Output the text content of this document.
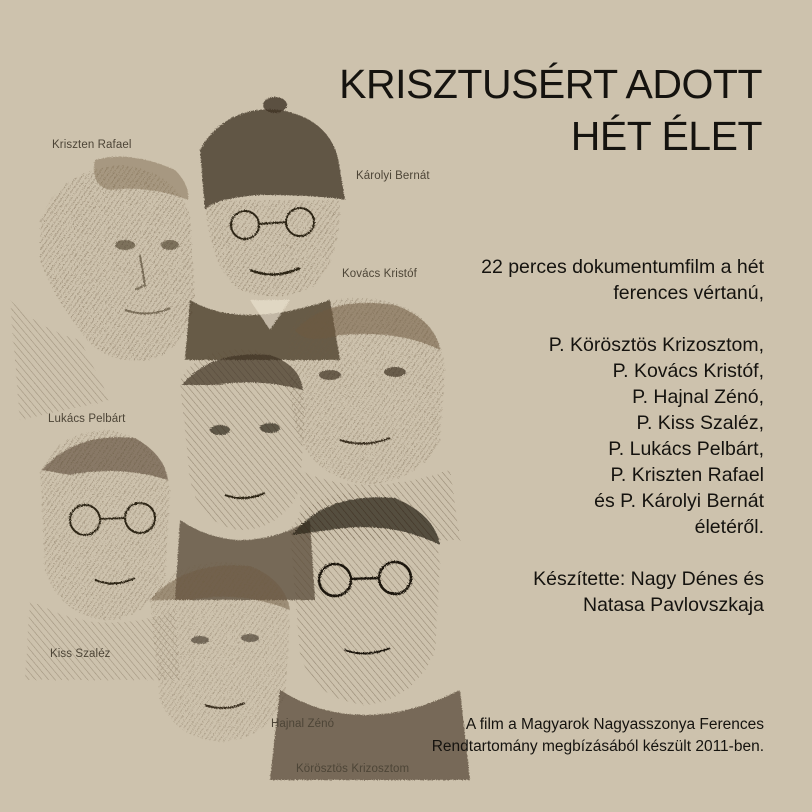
Kriszten Rafael
Károlyi Bernát
Kovács Kristóf
Lukács Pelbárt
Kiss Szaléz
Hajnal Zénó
Körösztös Krizosztom
KRISZTUSÉRT ADOTT
HÉT ÉLET
22 perces dokumentumfilm a hét
ferences vértanú,
P. Körösztös Krizosztom,
P. Kovács Kristóf,
P. Hajnal Zénó,
P. Kiss Szaléz,
P. Lukács Pelbárt,
P. Kriszten Rafael
és P. Károlyi Bernát
életéről.
Készítette: Nagy Dénes és
Natasa Pavlovszkaja
A film a Magyarok Nagyasszonya Ferences
Rendtartomány megbízásából készült 2011-ben.
